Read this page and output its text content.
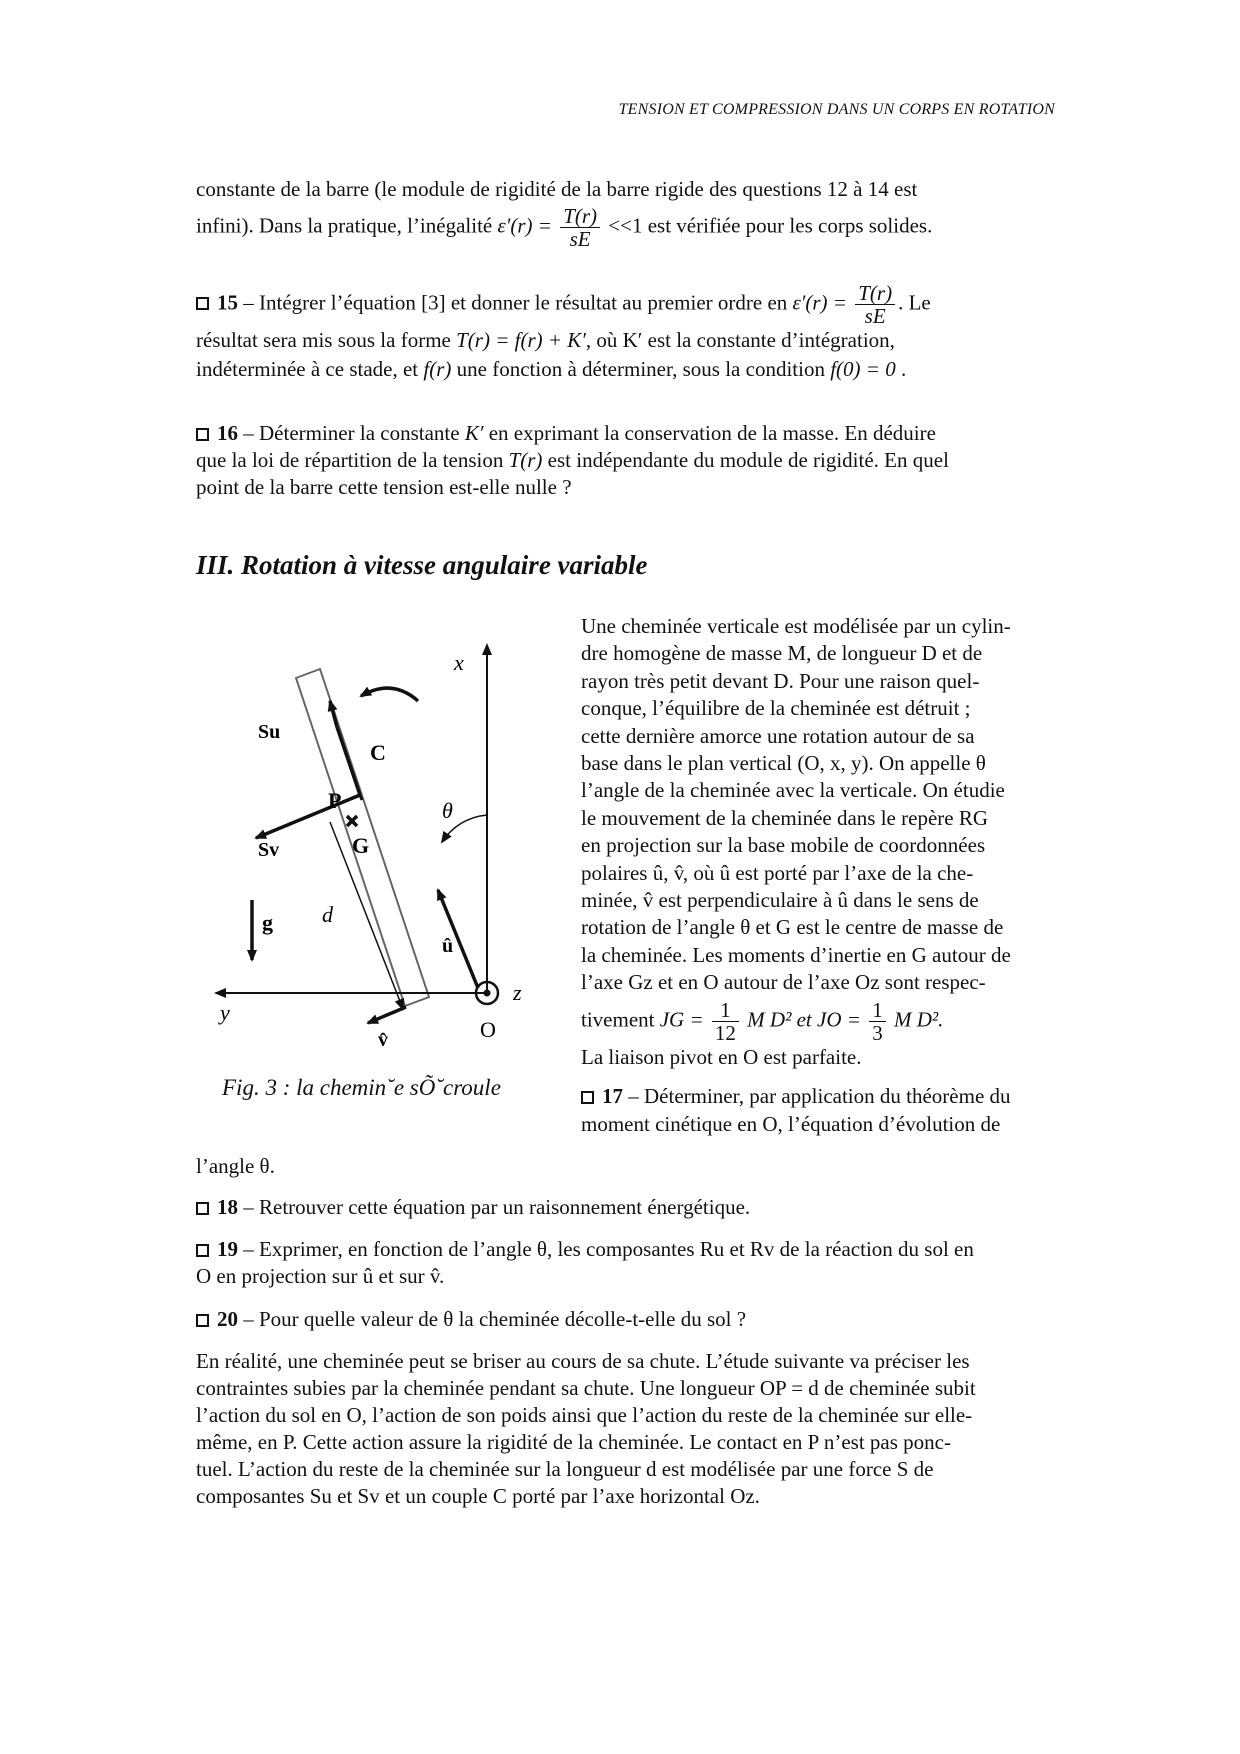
TENSION ET COMPRESSION DANS UN CORPS EN ROTATION
constante de la barre (le module de rigidité de la barre rigide des questions 12 à 14 est
infini). Dans la pratique, l’inégalité $\varepsilon'(r) = \frac{T(r)}{sE} <<1$ est vérifiée pour les corps solides.
15 – Intégrer l’équation [3] et donner le résultat au premier ordre en $\varepsilon'(r) = \frac{T(r)}{sE}$ . Le
résultat sera mis sous la forme T(r) = f(r) + K′, où K′ est la constante d’intégration,
indéterminée à ce stade, et f(r) une fonction à déterminer, sous la condition f(0) = 0 .
16 – Déterminer la constante K′ en exprimant la conservation de la masse. En déduire
que la loi de répartition de la tension T(r) est indépendante du module de rigidité. En quel
point de la barre cette tension est-elle nulle ?
III. Rotation à vitesse angulaire variable
x
y
z
O
P
G
C
Su
Sv
g d
û
v̂
θ
Fig. 3 : la chemin˘e sÕ˘croule
Une cheminée verticale est modélisée par un cylin-
dre homogène de masse M, de longueur D et de
rayon très petit devant D. Pour une raison quel-
conque, l’équilibre de la cheminée est détruit ;
cette dernière amorce une rotation autour de sa
base dans le plan vertical (O, x, y). On appelle θ
l’angle de la cheminée avec la verticale. On étudie
le mouvement de la cheminée dans le repère RG
en projection sur la base mobile de coordonnées
polaires û, v̂, où û est porté par l’axe de la che-
minée, v̂ est perpendiculaire à û dans le sens de
rotation de l’angle θ et G est le centre de masse de
la cheminée. Les moments d’inertie en G autour de
l’axe Gz et en O autour de l’axe Oz sont respec-
tivement JG = $\frac{1}{12}$ M D² et JO = $\frac{1}{3}$ M D².
La liaison pivot en O est parfaite.
17 – Déterminer, par application du théorème du
moment cinétique en O, l’équation d’évolution de
l’angle θ.
18 – Retrouver cette équation par un raisonnement énergétique.
19 – Exprimer, en fonction de l’angle θ, les composantes Ru et Rv de la réaction du sol en
O en projection sur û et sur v̂.
20 – Pour quelle valeur de θ la cheminée décolle-t-elle du sol ?
En réalité, une cheminée peut se briser au cours de sa chute. L’étude suivante va préciser les
contraintes subies par la cheminée pendant sa chute. Une longueur OP = d de cheminée subit
l’action du sol en O, l’action de son poids ainsi que l’action du reste de la cheminée sur elle-
même, en P. Cette action assure la rigidité de la cheminée. Le contact en P n’est pas ponc-
tuel. L’action du reste de la cheminée sur la longueur d est modélisée par une force S de
composantes Su et Sv et un couple C porté par l’axe horizontal Oz.
